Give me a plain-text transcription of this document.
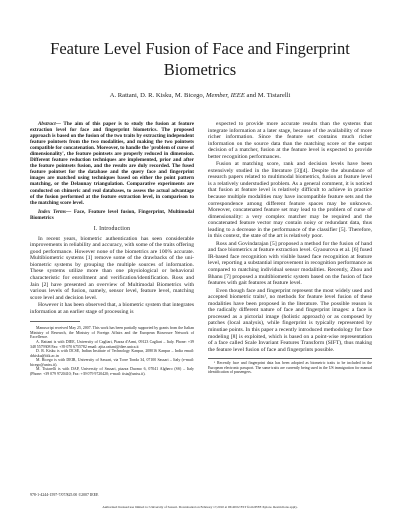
Feature Level Fusion of Face and Fingerprint Biometrics

A. Rattani, D. R. Kisku, M. Bicego, Member, IEEE and M. Tistarelli

Abstract— The aim of this paper is to study the fusion at feature extraction level for face and fingerprint biometrics. The proposed approach is based on the fusion of the two traits by extracting independent feature pointsets from the two modalities, and making the two pointsets compatible for concatenation. Moreover, to handle the 'problem of curse of dimensionality', the feature pointsets are properly reduced in dimension. Different feature reduction techniques are implemented, prior and after the feature pointsets fusion, and the results are duly recorded. The fused feature pointset for the database and the query face and fingerprint images are matched using techniques based on either the point pattern matching, or the Delaunay triangulation. Comparative experiments are conducted on chimeric and real databases, to assess the actual advantage of the fusion performed at the feature extraction level, in comparison to the matching score level.

Index Terms— Face, Feature level fusion, Fingerprint, Multimodal Biometrics

I. Introduction

In recent years, biometric authentication has seen considerable improvements in reliability and accuracy, with some of the traits offering good performance. However none of the biometrics are 100% accurate. Multibiometric systems [1] remove some of the drawbacks of the uni-biometric systems by grouping the multiple sources of information. These systems utilize more than one physiological or behavioral characteristic for enrollment and verification/identification. Ross and Jain [2] have presented an overview of Multimodal Biometrics with various levels of fusion, namely, sensor level, feature level, matching score level and decision level.

However it has been observed that, a biometric system that integrates information at an earlier stage of processing is

Manuscript received May 25, 2007. This work has been partially supported by grants from the Italian Ministry of Research, the Ministry of Foreign Affairs and the European Biosecure Network of Excellence.

A. Rattani is with DIEE, University of Cagliari, Piazza d'Armi, 09123 Cagliari – Italy. Phone: +39 348 5579308 Fax: +39 070 6755782 email: ajita.rattani@diee.unica.it

D. R. Kisku is with DCSE, Indian Institute of Technology Kanpur, 208016 Kanpur – India email: drkisku@iitk.ac.in

M. Bicego is with DEIR, University of Sassari, via Torre Tonda 34, 07100 Sassari – Italy (e-mail: bicego@uniss.it).

M. Tistarelli is with DAP, University of Sassari, piazza Duomo 6, 07041 Alghero (SS) – Italy (Phone: +39 079 9720410; Fax: +39 079 9720420; e-mail: tista@uniss.it).

expected to provide more accurate results than the systems that integrate information at a later stage, because of the availability of more richer information. Since the feature set contains much richer information on the source data than the matching score or the output decision of a matcher, fusion at the feature level is expected to provide better recognition performances.

Fusion at matching score, rank and decision levels have been extensively studied in the literature [3][4]. Despite the abundance of research papers related to multimodal biometrics, fusion at feature level is a relatively understudied problem. As a general comment, it is noticed that fusion at feature level is relatively difficult to achieve in practice because multiple modalities may have incompatible feature sets and the correspondence among different feature spaces may be unknown. Moreover, concatenated feature set may lead to the problem of curse of dimensionality: a very complex matcher may be required and the concatenated feature vector may contain noisy or redundant data, thus leading to a decrease in the performance of the classifier [5]. Therefore, in this context, the state of the art is relatively poor.

Ross and Govindarajan [5] proposed a method for the fusion of hand and face biometrics at feature extraction level. Gyaourova et al. [6] fused IR-based face recognition with visible based face recognition at feature level, reporting a substantial improvement in recognition performance as compared to matching individual sensor modalities. Recently, Zhou and Bhanu [7] proposed a multibiometric system based on the fusion of face features with gait features at feature level.

Even though face and fingerprint represent the most widely used and accepted biometric traits¹, no methods for feature level fusion of these modalities have been proposed in the literature. The possible reason is the radically different nature of face and fingerprint images: a face is processed as a pictorial image (holistic approach) or as composed by patches (local analysis), while fingerprint is typically represented by minutiae points. In this paper a recently introduced methodology for face modeling [8] is exploited, which is based on a point-wise representation of a face called Scale Invariant Features Transform (SIFT), thus making the feature level fusion of face and fingerprints possible.

¹ Recently face and fingerprint data has been adopted as biometric traits to be included in the European electronic passport. The same traits are currently being used in the US immigration for manual identification of passengers.

978-1-4244-1597-7/07/$25.00 ©2007 IEEE
Authorized licensed use limited to: University of Sassari. Downloaded on February 17,2010 at 06:40:02 EST from IEEE Xplore. Restrictions apply.
